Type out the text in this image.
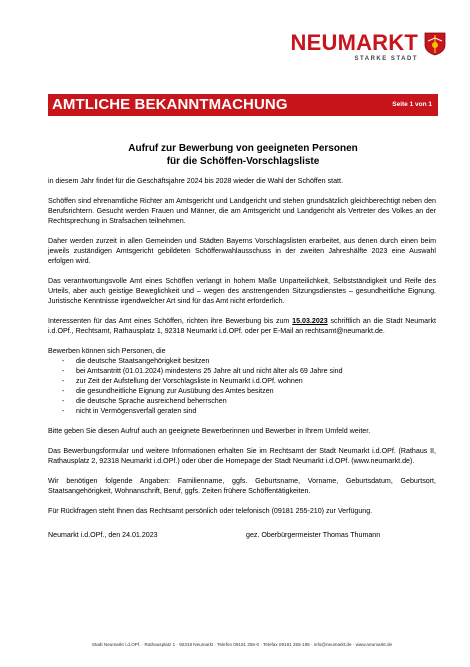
NEUMARKT
STARKE STADT
AMTLICHE BEKANNTMACHUNG	Seite 1 von 1
Aufruf zur Bewerbung von geeigneten Personen
für die Schöffen-Vorschlagsliste

in diesem Jahr findet für die Geschäftsjahre 2024 bis 2028 wieder die Wahl der Schöffen statt.

Schöffen sind ehrenamtliche Richter am Amtsgericht und Landgericht und stehen grundsätzlich gleichberechtigt neben den Berufsrichtern. Gesucht werden Frauen und Männer, die am Amtsgericht und Landgericht als Vertreter des Volkes an der Rechtsprechung in Strafsachen teilnehmen.

Daher werden zurzeit in allen Gemeinden und Städten Bayerns Vorschlagslisten erarbeitet, aus denen durch einen beim jeweils zuständigen Amtsgericht gebildeten Schöffenwahlausschuss in der zweiten Jahreshälfte 2023 eine Auswahl erfolgen wird.

Das verantwortungsvolle Amt eines Schöffen verlangt in hohem Maße Unparteilichkeit, Selbstständigkeit und Reife des Urteils, aber auch geistige Beweglichkeit und – wegen des anstrengenden Sitzungsdienstes – gesundheitliche Eignung. Juristische Kenntnisse irgendwelcher Art sind für das Amt nicht erforderlich.

Interessenten für das Amt eines Schöffen, richten ihre Bewerbung bis zum 15.03.2023 schriftlich an die Stadt Neumarkt i.d.OPf., Rechtsamt, Rathausplatz 1, 92318 Neumarkt i.d.OPf. oder per E-Mail an rechtsamt@neumarkt.de.

Bewerben können sich Personen, die
- die deutsche Staatsangehörigkeit besitzen
- bei Amtsantritt (01.01.2024) mindestens 25 Jahre alt und nicht älter als 69 Jahre sind
- zur Zeit der Aufstellung der Vorschlagsliste in Neumarkt i.d.OPf. wohnen
- die gesundheitliche Eignung zur Ausübung des Amtes besitzen
- die deutsche Sprache ausreichend beherrschen
- nicht in Vermögensverfall geraten sind

Bitte geben Sie diesen Aufruf auch an geeignete Bewerberinnen und Bewerber in Ihrem Umfeld weiter.

Das Bewerbungsformular und weitere Informationen erhalten Sie im Rechtsamt der Stadt Neumarkt i.d.OPf. (Rathaus II, Rathausplatz 2, 92318 Neumarkt i.d.OPf.) oder über die Homepage der Stadt Neumarkt i.d.OPf. (www.neumarkt.de).

Wir benötigen folgende Angaben: Familienname, ggfs. Geburtsname, Vorname, Geburtsdatum, Geburtsort, Staatsangehörigkeit, Wohnanschrift, Beruf, ggfs. Zeiten frühere Schöffentätigkeiten.

Für Rückfragen steht Ihnen das Rechtsamt persönlich oder telefonisch (09181 255-210) zur Verfügung.

Neumarkt i.d.OPf., den 24.01.2023	gez. Oberbürgermeister Thomas Thumann
Stadt Neumarkt i.d.OPf. · Rathausplatz 1 · 92318 Neumarkt · Telefon 09181 255-0 · Telefax 09181 255-195 · info@neumarkt.de · www.neumarkt.de
